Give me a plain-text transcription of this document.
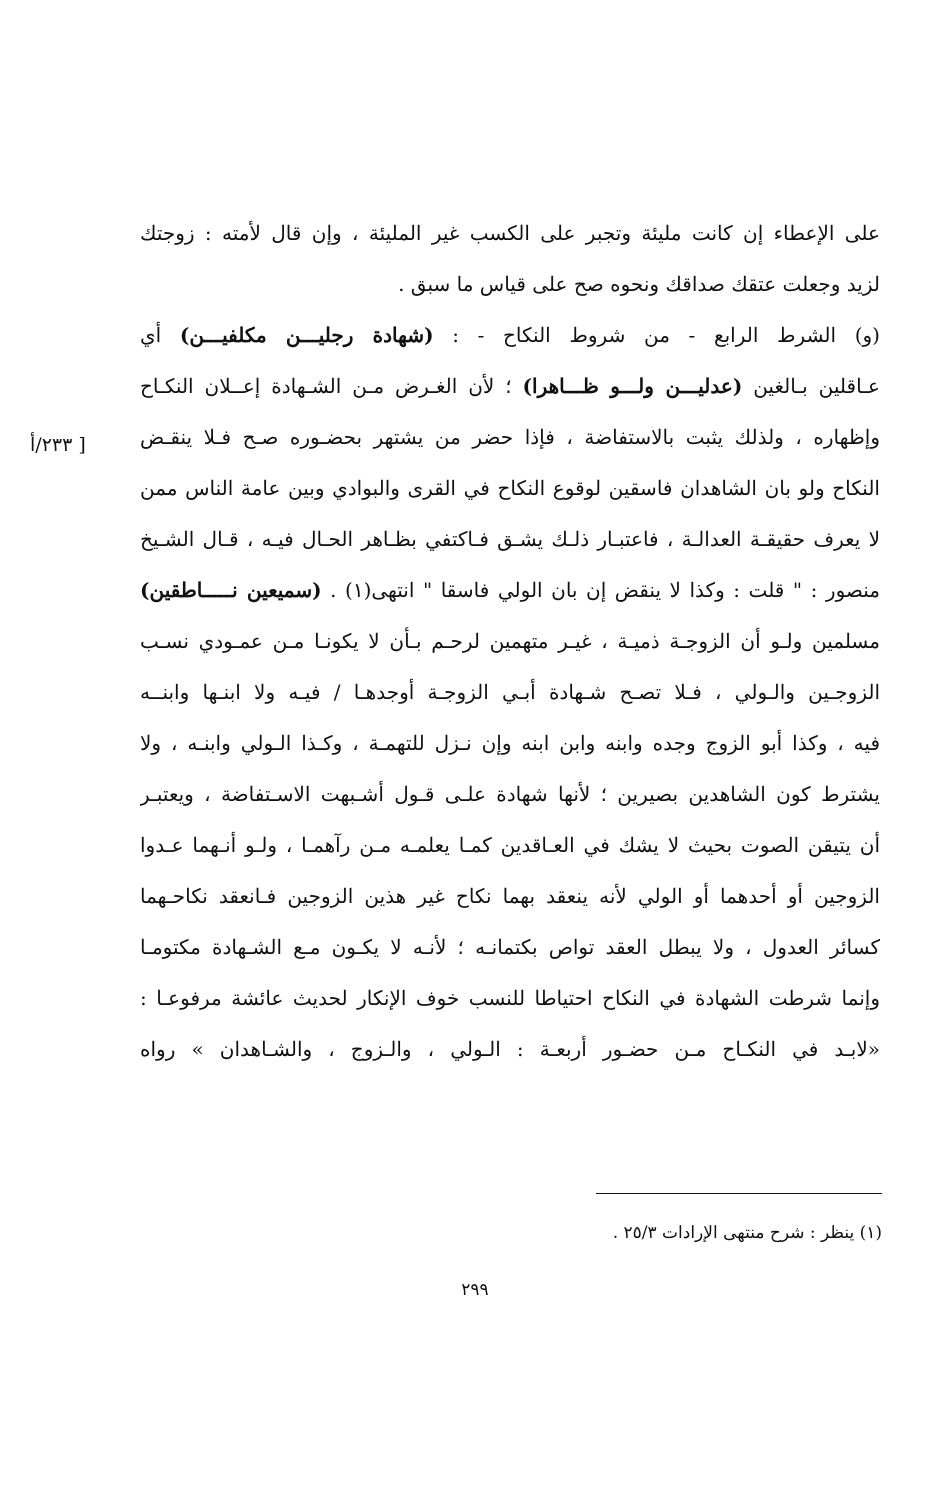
على الإعطاء إن كانت مليئة وتجبر على الكسب غير المليئة ، وإن قال لأمته : زوجتك
لزيد وجعلت عتقك صداقك ونحوه صح على قياس ما سبق .
(و) الشرط الرابع - من شروط النكاح - : (شهادة رجليـــن مكلفيـــن) أي
عـاقلين بـالغين (عدليـــن ولـــو ظـــاهرا) ؛ لأن الغـرض مـن الشـهادة إعــلان النكـاح
وإظهاره ، ولذلك يثبت بالاستفاضة ، فإذا حضر من يشتهر بحضـوره صـح فـلا ينقـض
النكاح ولو بان الشاهدان فاسقين لوقوع النكاح في القرى والبوادي وبين عامة الناس ممن
لا يعرف حقيقـة العدالـة ، فاعتبـار ذلـك يشـق فـاكتفي بظـاهر الحـال فيـه ، قـال الشـيخ
منصور : " قلت : وكذا لا ينقض إن بان الولي فاسقا " انتهى(١) . (سميعين نـــــاطقين)
مسلمين ولـو أن الزوجـة ذميـة ، غيـر متهمين لرحـم بـأن لا يكونـا مـن عمـودي نسـب
الزوجـين والـولي ، فـلا تصـح شـهادة أبـي الزوجـة أوجدهـا / فيـه ولا ابنـها وابنــه
فيه ، وكذا أبو الزوج وجده وابنه وابن ابنه وإن نـزل للتهمـة ، وكـذا الـولي وابنـه ، ولا
يشترط كون الشاهدين بصيرين ؛ لأنها شهادة علـى قـول أشـبهت الاسـتفاضة ، ويعتبـر
أن يتيقن الصوت بحيث لا يشك في العـاقدين كمـا يعلمـه مـن رآهمـا ، ولـو أنـهما عـدوا
الزوجين أو أحدهما أو الولي لأنه ينعقد بهما نكاح غير هذين الزوجين فـانعقد نكاحـهما
كسائر العدول ، ولا يبطل العقد تواص بكتمانـه ؛ لأنـه لا يكـون مـع الشـهادة مكتومـا
وإنما شرطت الشهادة في النكاح احتياطا للنسب خوف الإنكار لحديث عائشة مرفوعـا :
«لابـد في النكـاح مـن حضـور أربعـة : الـولي ، والـزوج ، والشـاهدان » رواه
[ ٢٣٣/أ
(١) ينظر : شرح منتهى الإرادات ٢٥/٣ .
٢٩٩
